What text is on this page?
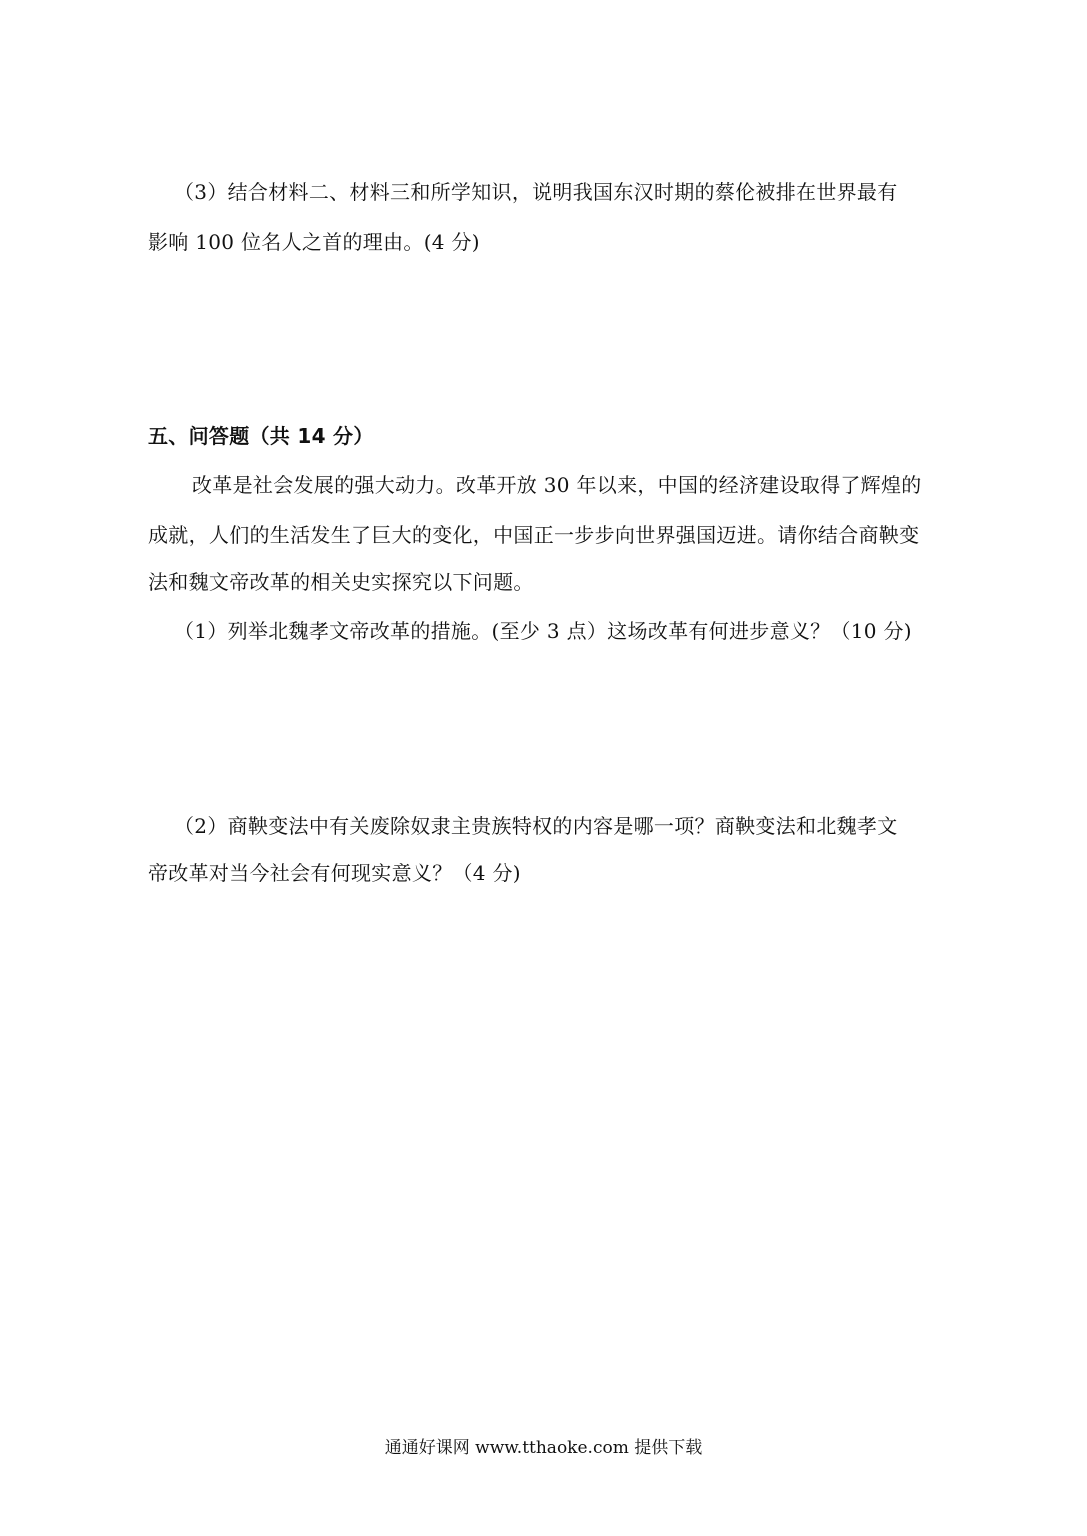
（3）结合材料二、材料三和所学知识，说明我国东汉时期的蔡伦被排在世界最有
影响 100 位名人之首的理由。(4 分)
五、问答题（共 14 分）
改革是社会发展的强大动力。改革开放 30 年以来，中国的经济建设取得了辉煌的
成就，人们的生活发生了巨大的变化，中国正一步步向世界强国迈进。请你结合商鞅变
法和魏文帝改革的相关史实探究以下问题。
（1）列举北魏孝文帝改革的措施。(至少 3 点）这场改革有何进步意义？（10 分)
（2）商鞅变法中有关废除奴隶主贵族特权的内容是哪一项？商鞅变法和北魏孝文
帝改革对当今社会有何现实意义？（4 分)
通通好课网 www.tthaoke.com 提供下载
